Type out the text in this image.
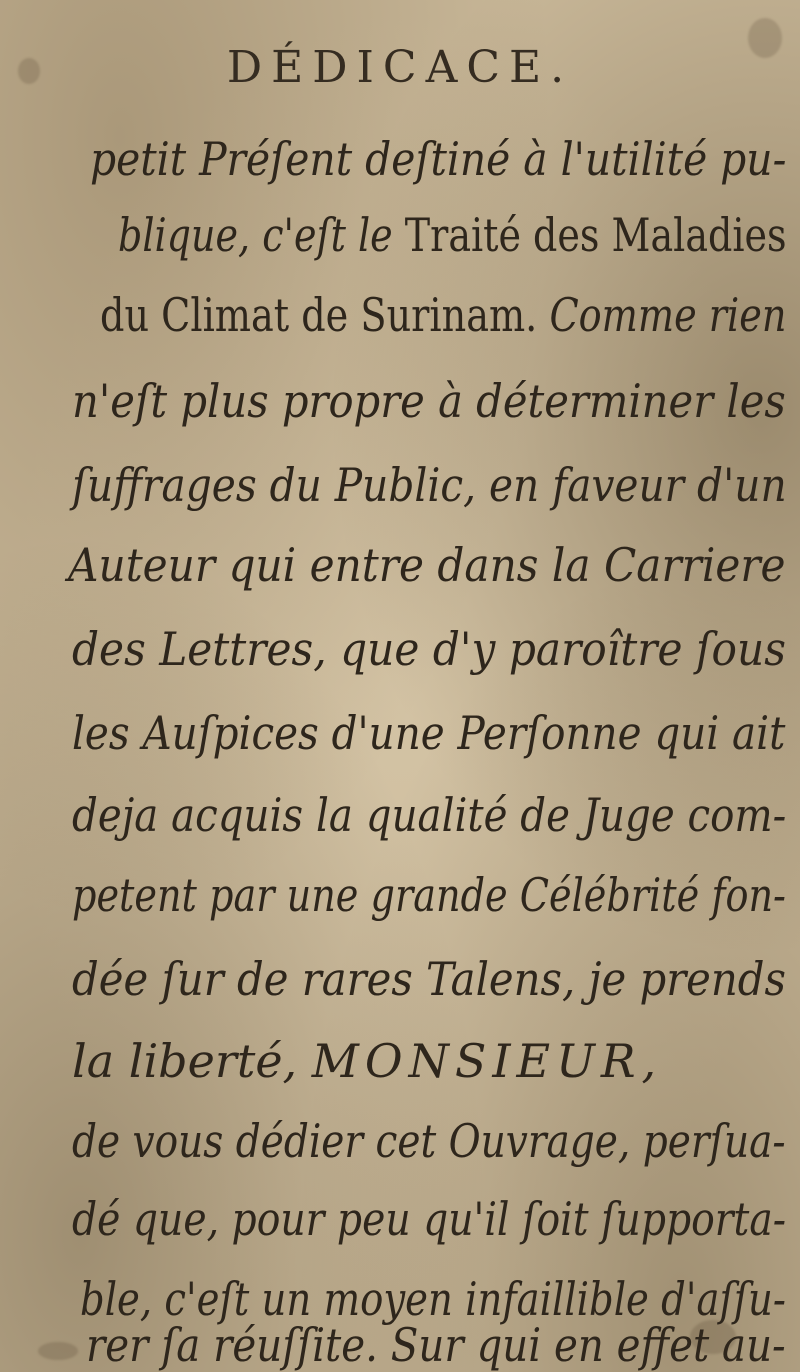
DÉDICACE.
petit Préſent deſtiné à l'utilité pu-
blique, c'eſt le Traité des Maladies
du Climat de Surinam. Comme rien
n'eſt plus propre à déterminer les
ſuffrages du Public, en faveur d'un
Auteur qui entre dans la Carriere
des Lettres, que d'y paroître ſous
les Auſpices d'une Perſonne qui ait
deja acquis la qualité de Juge com-
petent par une grande Célébrité fon-
dée ſur de rares Talens, je prends
la liberté, MONSIEUR,
de vous dédier cet Ouvrage, perſua-
dé que, pour peu qu'il ſoit ſupporta-
ble, c'eſt un moyen infaillible d'aſſu-
rer ſa réuſſite. Sur qui en effet au-
